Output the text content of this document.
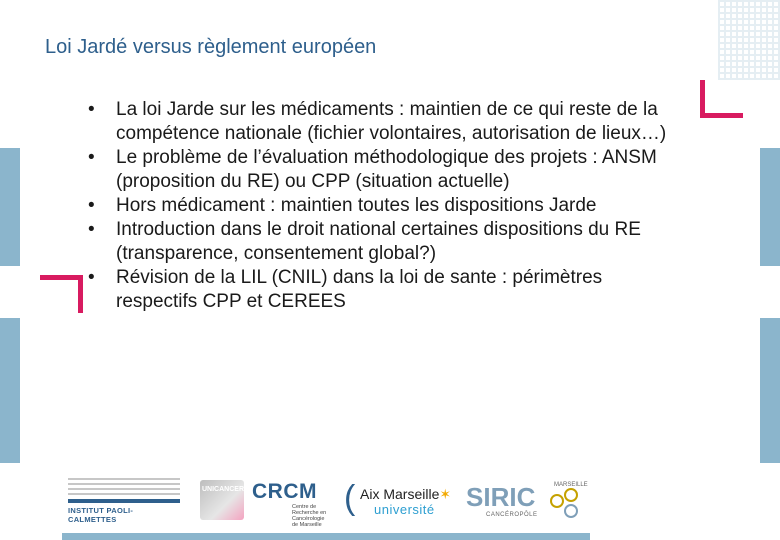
Loi Jardé versus règlement européen
•	La loi Jarde sur les médicaments : maintien de ce qui reste de la compétence nationale (fichier volontaires, autorisation de lieux…)
•	Le problème de l’évaluation méthodologique des projets : ANSM (proposition du RE) ou CPP (situation actuelle)
•	Hors médicament : maintien toutes les dispositions Jarde
•	Introduction dans le droit national certaines dispositions du RE (transparence, consentement global?)
•	Révision de la LIL (CNIL) dans la loi de sante : périmètres respectifs CPP et CEREES
INSTITUT PAOLI-CALMETTES
UNICANCER CRCM
Centre de Recherche en Cancérologie de Marseille
( Aix Marseille✶
université SIRIC	MARSEILLE
CANCÉROPÔLE
